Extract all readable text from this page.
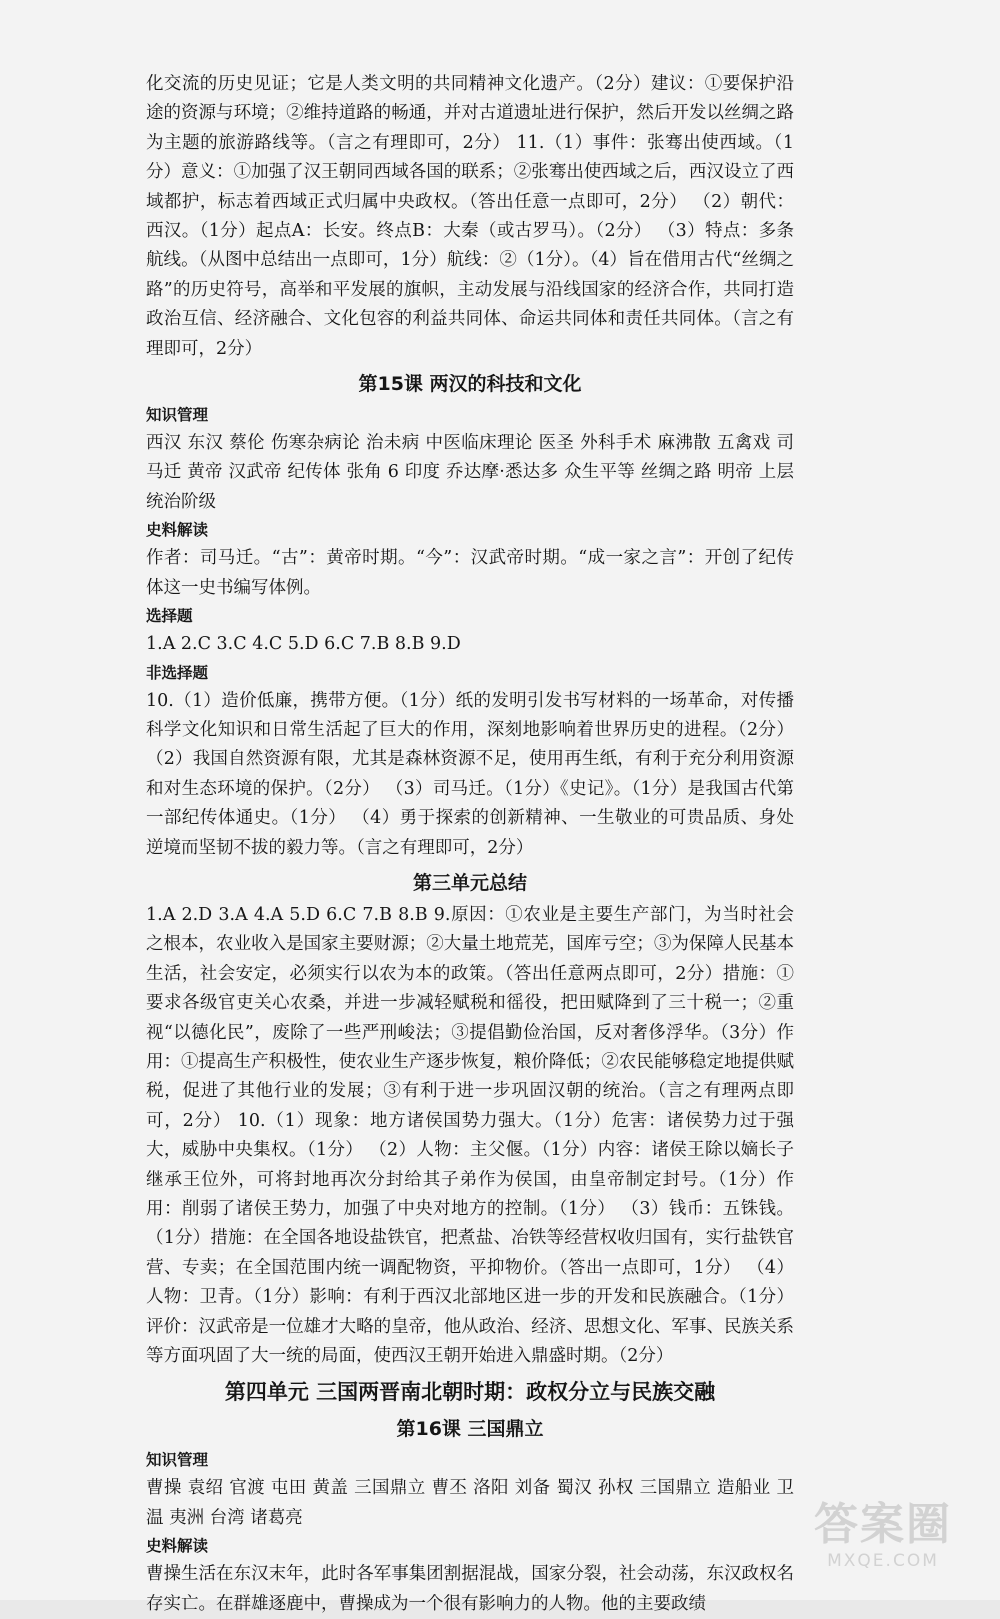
化交流的历史见证；它是人类文明的共同精神文化遗产。（2分）建议：①要保护沿途的资源与环境；②维持道路的畅通，并对古道遗址进行保护，然后开发以丝绸之路为主题的旅游路线等。（言之有理即可，2分） 11.（1）事件：张骞出使西域。（1分）意义：①加强了汉王朝同西域各国的联系；②张骞出使西域之后，西汉设立了西域都护，标志着西域正式归属中央政权。（答出任意一点即可，2分） （2）朝代：西汉。（1分）起点A：长安。终点B：大秦（或古罗马）。（2分） （3）特点：多条航线。（从图中总结出一点即可，1分）航线：②（1分）。（4）旨在借用古代“丝绸之路”的历史符号，高举和平发展的旗帜，主动发展与沿线国家的经济合作，共同打造政治互信、经济融合、文化包容的利益共同体、命运共同体和责任共同体。（言之有理即可，2分）

第15课 两汉的科技和文化
知识管理

西汉 东汉 蔡伦 伤寒杂病论 治未病 中医临床理论 医圣 外科手术 麻沸散 五禽戏 司马迁 黄帝 汉武帝 纪传体 张角 6 印度 乔达摩·悉达多 众生平等 丝绸之路 明帝 上层统治阶级

史料解读

作者：司马迁。“古”：黄帝时期。“今”：汉武帝时期。“成一家之言”：开创了纪传体这一史书编写体例。

选择题

1.A 2.C 3.C 4.C 5.D 6.C 7.B 8.B 9.D

非选择题

10.（1）造价低廉，携带方便。（1分）纸的发明引发书写材料的一场革命，对传播科学文化知识和日常生活起了巨大的作用，深刻地影响着世界历史的进程。（2分） （2）我国自然资源有限，尤其是森林资源不足，使用再生纸，有利于充分利用资源和对生态环境的保护。（2分） （3）司马迁。（1分）《史记》。（1分）是我国古代第一部纪传体通史。（1分） （4）勇于探索的创新精神、一生敬业的可贵品质、身处逆境而坚韧不拔的毅力等。（言之有理即可，2分）

第三单元总结

1.A 2.D 3.A 4.A 5.D 6.C 7.B 8.B 9.原因：①农业是主要生产部门，为当时社会之根本，农业收入是国家主要财源；②大量土地荒芜，国库亏空；③为保障人民基本生活，社会安定，必须实行以农为本的政策。（答出任意两点即可，2分）措施：①要求各级官吏关心农桑，并进一步减轻赋税和徭役，把田赋降到了三十税一；②重视“以德化民”，废除了一些严刑峻法；③提倡勤俭治国，反对奢侈浮华。（3分）作用：①提高生产积极性，使农业生产逐步恢复，粮价降低；②农民能够稳定地提供赋税，促进了其他行业的发展；③有利于进一步巩固汉朝的统治。（言之有理两点即可，2分） 10.（1）现象：地方诸侯国势力强大。（1分）危害：诸侯势力过于强大，威胁中央集权。（1分） （2）人物：主父偃。（1分）内容：诸侯王除以嫡长子继承王位外，可将封地再次分封给其子弟作为侯国，由皇帝制定封号。（1分）作用：削弱了诸侯王势力，加强了中央对地方的控制。（1分） （3）钱币：五铢钱。（1分）措施：在全国各地设盐铁官，把煮盐、冶铁等经营权收归国有，实行盐铁官营、专卖；在全国范围内统一调配物资，平抑物价。（答出一点即可，1分） （4）人物：卫青。（1分）影响：有利于西汉北部地区进一步的开发和民族融合。（1分）评价：汉武帝是一位雄才大略的皇帝，他从政治、经济、思想文化、军事、民族关系等方面巩固了大一统的局面，使西汉王朝开始进入鼎盛时期。（2分）

第四单元 三国两晋南北朝时期：政权分立与民族交融
第16课 三国鼎立
知识管理

曹操 袁绍 官渡 屯田 黄盖 三国鼎立 曹丕 洛阳 刘备 蜀汉 孙权 三国鼎立 造船业 卫温 夷洲 台湾 诸葛亮

史料解读

曹操生活在东汉末年，此时各军事集团割据混战，国家分裂，社会动荡，东汉政权名存实亡。在群雄逐鹿中，曹操成为一个很有影响力的人物。他的主要政绩

答案圈
MXQE.COM
